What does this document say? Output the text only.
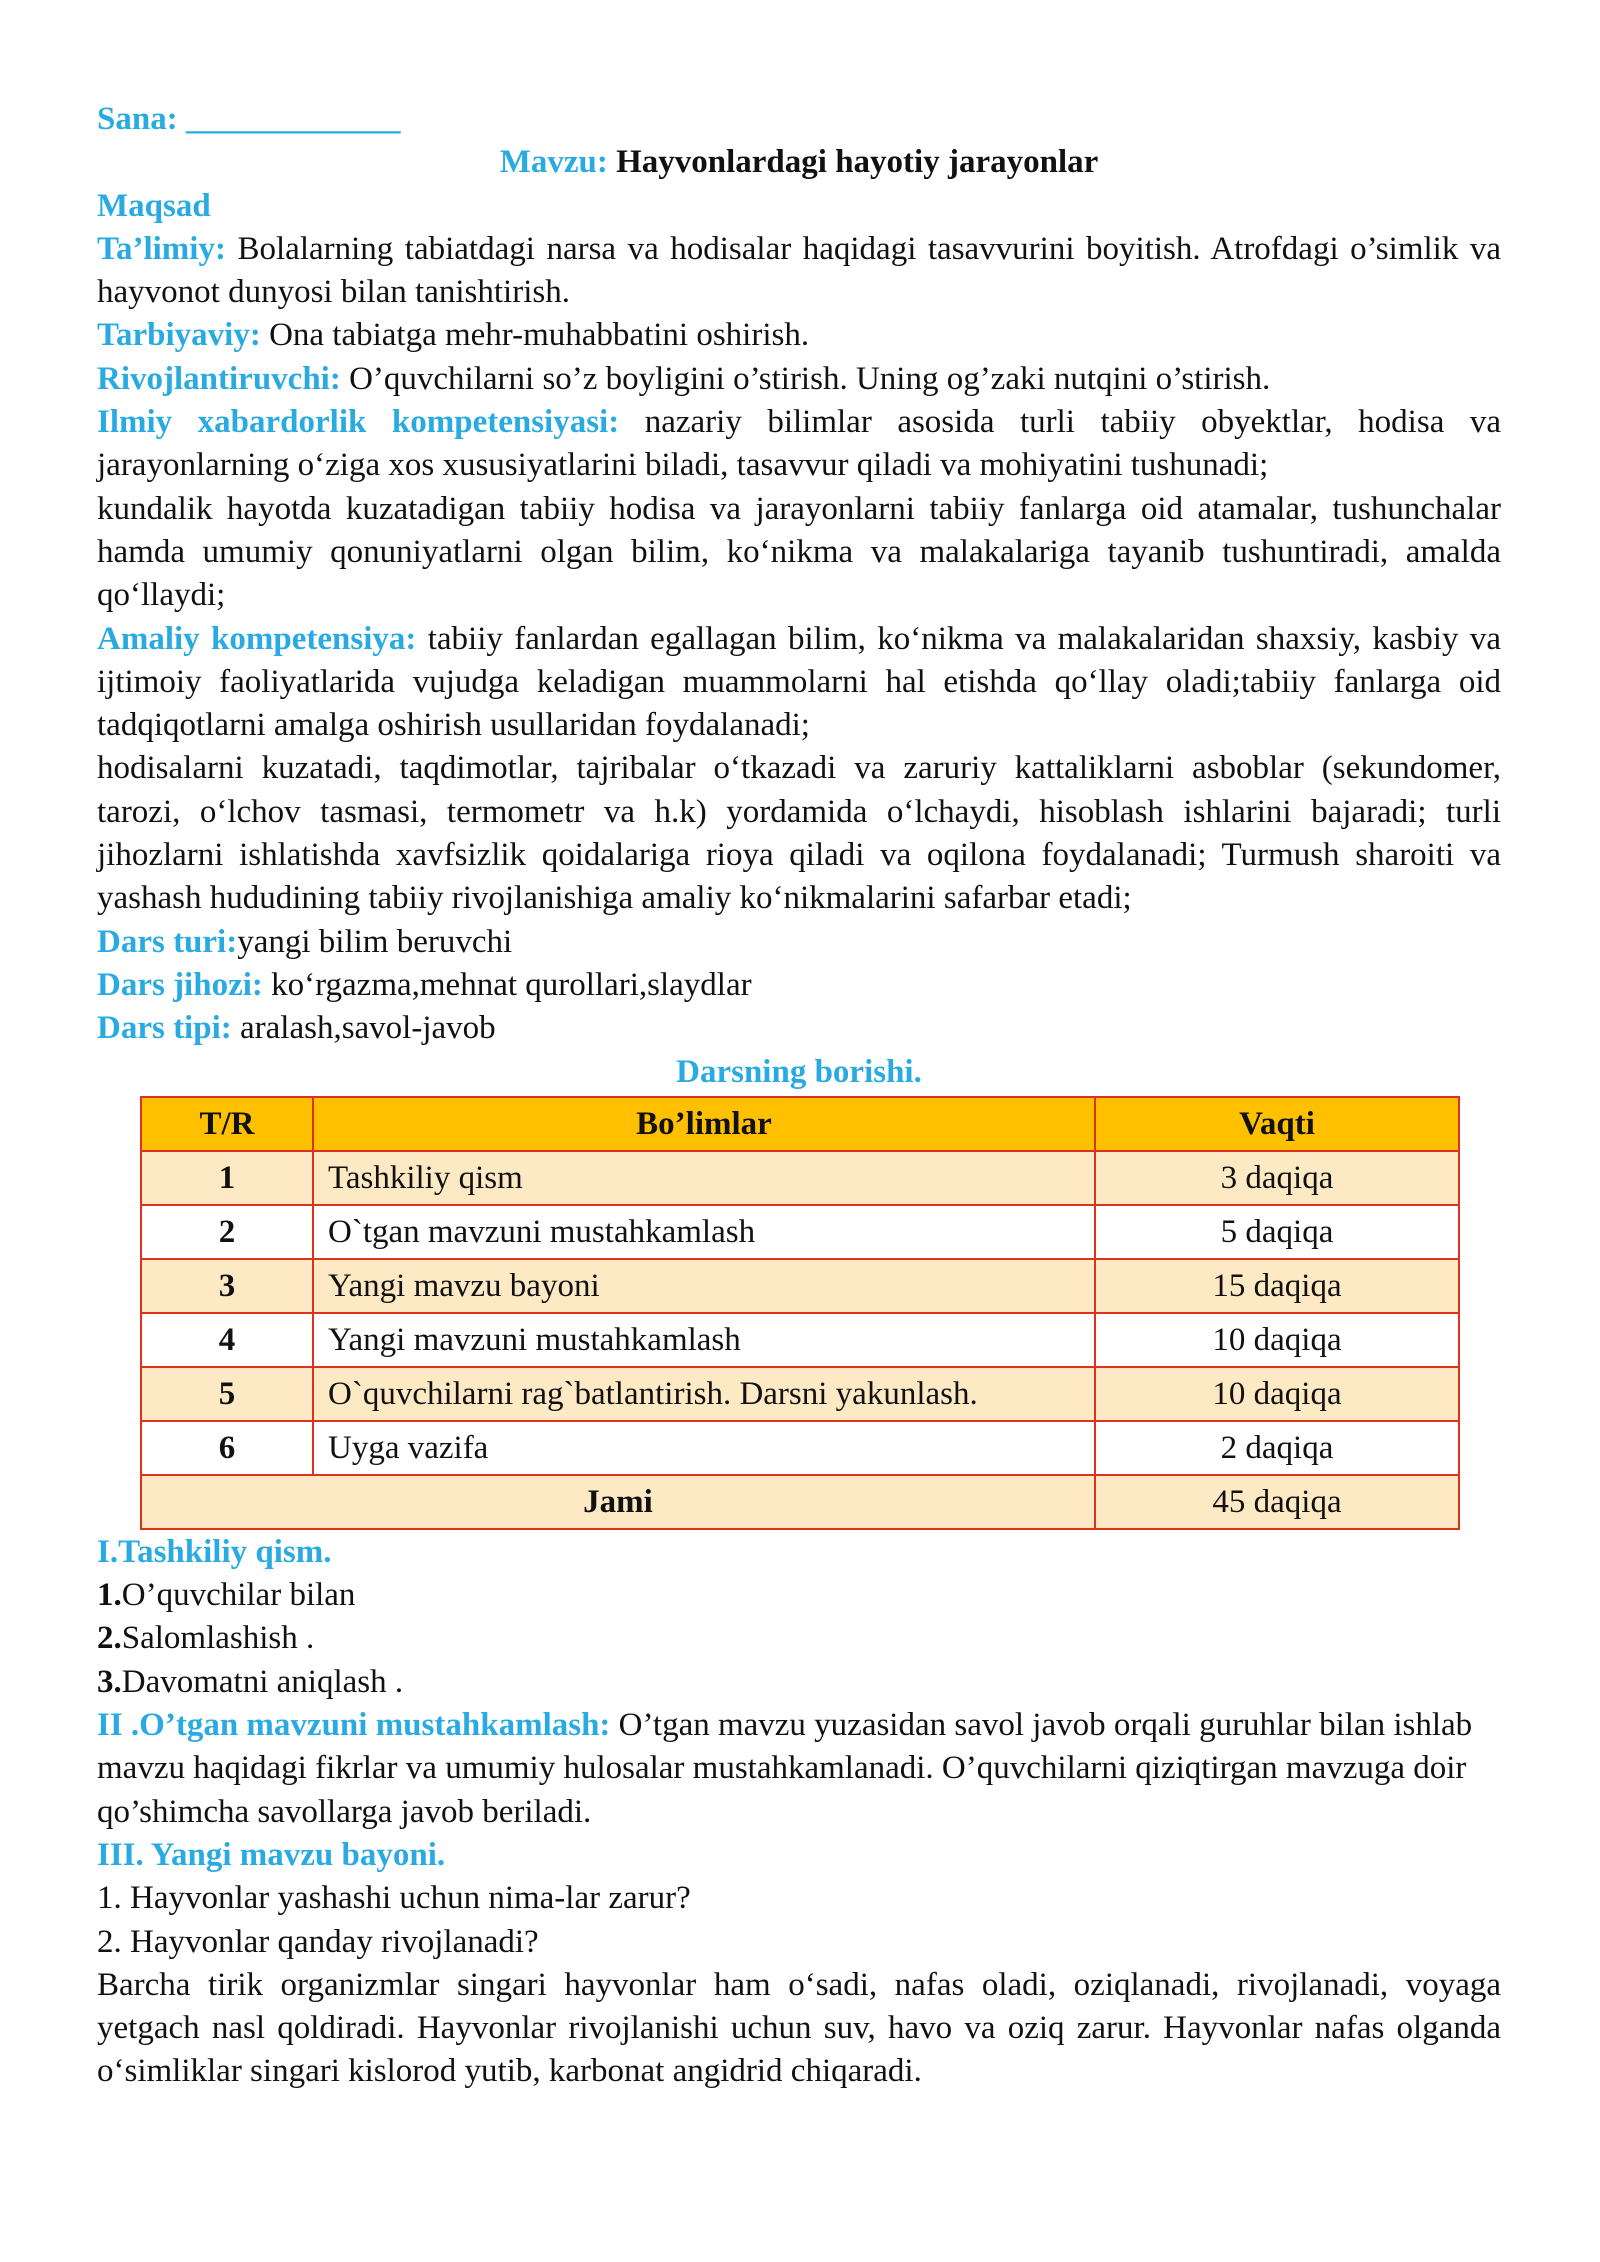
Sana: _____________

Mavzu: Hayvonlardagi hayotiy jarayonlar

Maqsad

Ta’limiy: Bolalarning tabiatdagi narsa va hodisalar haqidagi tasavvurini boyitish. Atrofdagi o’simlik va hayvonot dunyosi bilan tanishtirish.

Tarbiyaviy: Ona tabiatga mehr-muhabbatini oshirish.

Rivojlantiruvchi: O’quvchilarni so’z boyligini o’stirish. Uning og’zaki nutqini o’stirish.

Ilmiy xabardorlik kompetensiyasi: nazariy bilimlar asosida turli tabiiy obyektlar, hodisa va jarayonlarning o‘ziga xos xususiyatlarini biladi, tasavvur qiladi va mohiyatini tushunadi;

kundalik hayotda kuzatadigan tabiiy hodisa va jarayonlarni tabiiy fanlarga oid atamalar, tushunchalar hamda umumiy qonuniyatlarni olgan bilim, ko‘nikma va malakalariga tayanib tushuntiradi, amalda qo‘llaydi;

Amaliy kompetensiya: tabiiy fanlardan egallagan bilim, ko‘nikma va malakalaridan shaxsiy, kasbiy va ijtimoiy faoliyatlarida vujudga keladigan muammolarni hal etishda qo‘llay oladi;tabiiy fanlarga oid tadqiqotlarni amalga oshirish usullaridan foydalanadi;

hodisalarni kuzatadi, taqdimotlar, tajribalar o‘tkazadi va zaruriy kattaliklarni asboblar (sekundomer, tarozi, o‘lchov tasmasi, termometr va h.k) yordamida o‘lchaydi, hisoblash ishlarini bajaradi; turli jihozlarni ishlatishda xavfsizlik qoidalariga rioya qiladi va oqilona foydalanadi; Turmush sharoiti va yashash hududining tabiiy rivojlanishiga amaliy ko‘nikmalarini safarbar etadi;

Dars turi:yangi bilim beruvchi

Dars jihozi: ko‘rgazma,mehnat qurollari,slaydlar

Dars tipi: aralash,savol-javob

Darsning borishi.

T/R	Bo’limlar	Vaqti
1	Tashkiliy qism	3 daqiqa
2	O`tgan mavzuni mustahkamlash	5 daqiqa
3	Yangi mavzu bayoni	15 daqiqa
4	Yangi mavzuni mustahkamlash	10 daqiqa
5	O`quvchilarni rag`batlantirish. Darsni yakunlash.	10 daqiqa
6	Uyga vazifa	2 daqiqa
Jami		45 daqiqa

I.Tashkiliy qism.

1.O’quvchilar bilan

2.Salomlashish .

3.Davomatni aniqlash .

II .O’tgan mavzuni mustahkamlash: O’tgan mavzu yuzasidan savol javob orqali guruhlar bilan ishlab mavzu haqidagi fikrlar va umumiy hulosalar mustahkamlanadi. O’quvchilarni qiziqtirgan mavzuga doir qo’shimcha savollarga javob beriladi.

III. Yangi mavzu bayoni.

1. Hayvonlar yashashi uchun nima-lar zarur?

2. Hayvonlar qanday rivojlanadi?

Barcha tirik organizmlar singari hayvonlar ham o‘sadi, nafas oladi, oziqlanadi, rivojlanadi, voyaga yetgach nasl qoldiradi. Hayvonlar rivojlanishi uchun suv, havo va oziq zarur. Hayvonlar nafas olganda o‘simliklar singari kislorod yutib, karbonat angidrid chiqaradi.
